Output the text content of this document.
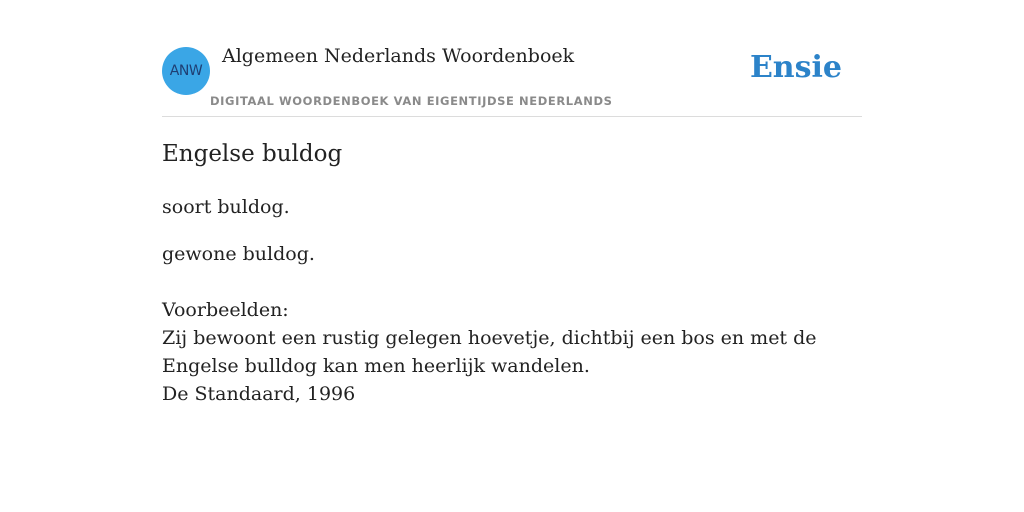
ANW
Algemeen Nederlands Woordenboek
DIGITAAL WOORDENBOEK VAN EIGENTIJDSE NEDERLANDS
Ensie
Engelse buldog

soort buldog.

gewone buldog.

Voorbeelden:
Zij bewoont een rustig gelegen hoevetje, dichtbij een bos en met de Engelse bulldog kan men heerlijk wandelen.
De Standaard, 1996
